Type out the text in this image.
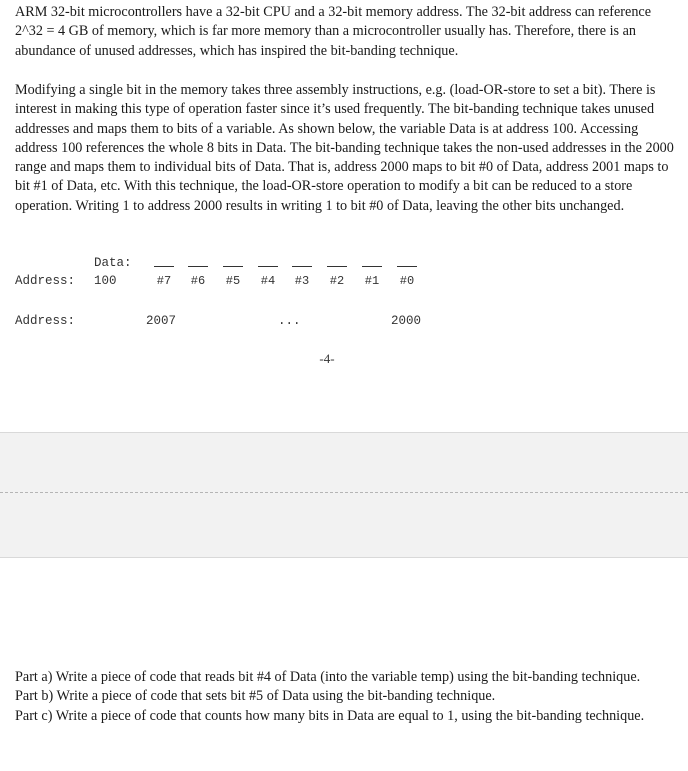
ARM 32-bit microcontrollers have a 32-bit CPU and a 32-bit memory address. The 32-bit address can reference 2^32 = 4 GB of memory, which is far more memory than a microcontroller usually has. Therefore, there is an abundance of unused addresses, which has inspired the bit-banding technique.

Modifying a single bit in the memory takes three assembly instructions, e.g. (load-OR-store to set a bit). There is interest in making this type of operation faster since it’s used frequently. The bit-banding technique takes unused addresses and maps them to bits of a variable. As shown below, the variable Data is at address 100. Accessing address 100 references the whole 8 bits in Data. The bit-banding technique takes the non-used addresses in the 2000 range and maps them to individual bits of Data. That is, address 2000 maps to bit #0 of Data, address 2001 maps to bit #1 of Data, etc. With this technique, the load-OR-store operation to modify a bit can be reduced to a store operation. Writing 1 to address 2000 results in writing 1 to bit #0 of Data, leaving the other bits unchanged.

Data:
Address: 100	#7 #6 #5 #4 #3 #2 #1 #0
Address:	2007	...	2000
-4-
Part a) Write a piece of code that reads bit #4 of Data (into the variable temp) using the bit-banding technique.
Part b) Write a piece of code that sets bit #5 of Data using the bit-banding technique.
Part c) Write a piece of code that counts how many bits in Data are equal to 1, using the bit-banding technique.
